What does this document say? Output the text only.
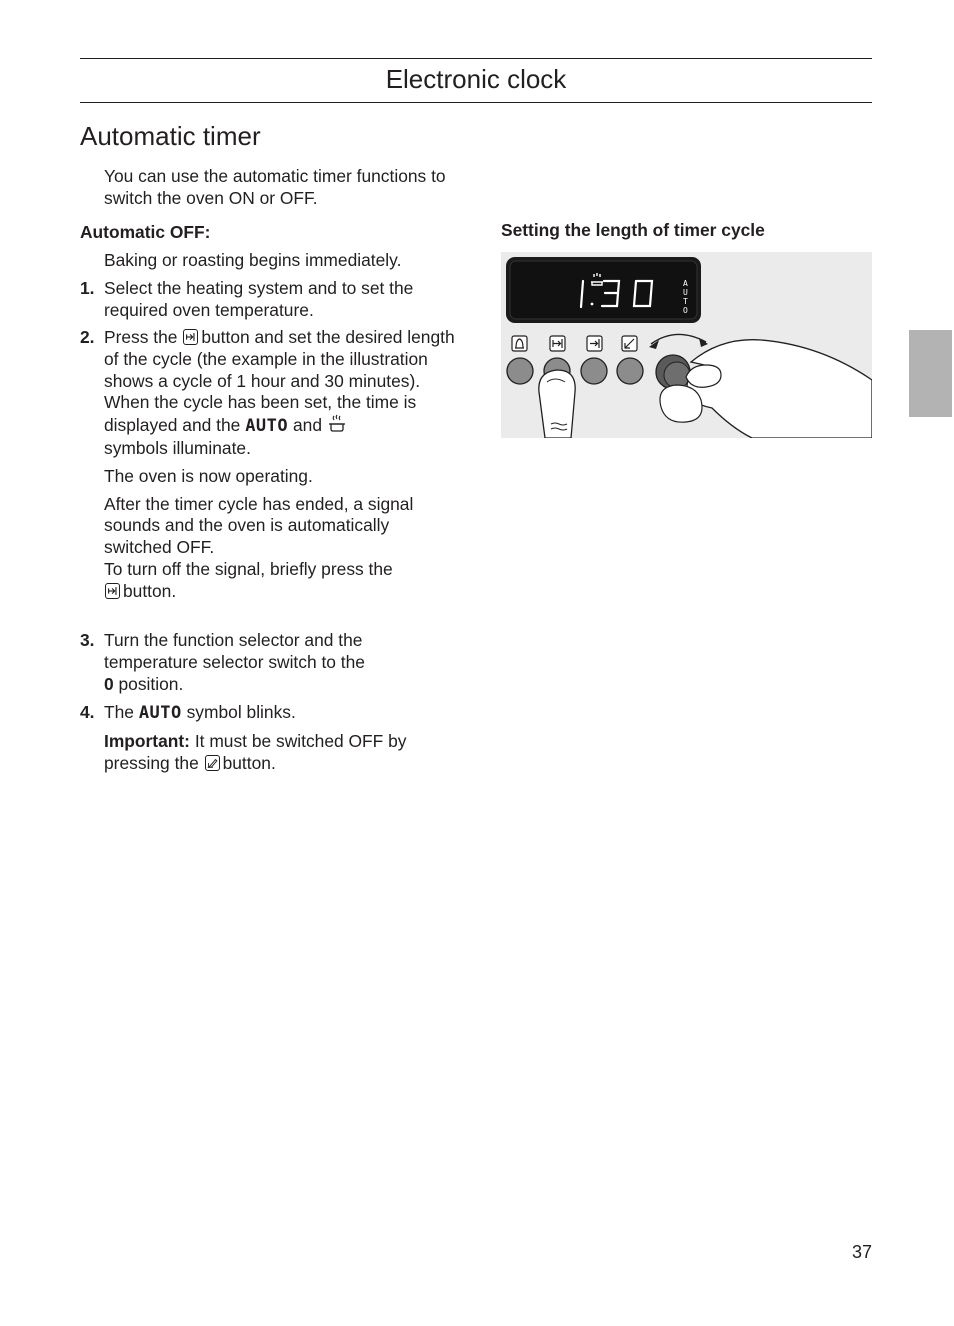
Electronic clock
Automatic timer
You can use the automatic timer functions to switch the oven ON or OFF.
Automatic OFF:
Baking or roasting begins immediately.
1. Select the heating system and to set the required oven temperature.
2. Press the button and set the desired length of the cycle (the example in the illustration shows a cycle of 1 hour and 30 minutes).

When the cycle has been set, the time is displayed and the AUTO and
symbols illuminate.

The oven is now operating.

After the timer cycle has ended, a signal sounds and the oven is automatically switched OFF.

To turn off the signal, briefly press the

button.

3. Turn the function selector and the temperature selector switch to the
0 position.
4. The AUTO symbol blinks.

Important: It must be switched OFF by pressing the button.

Setting the length of timer cycle
A
U
T
O
37
